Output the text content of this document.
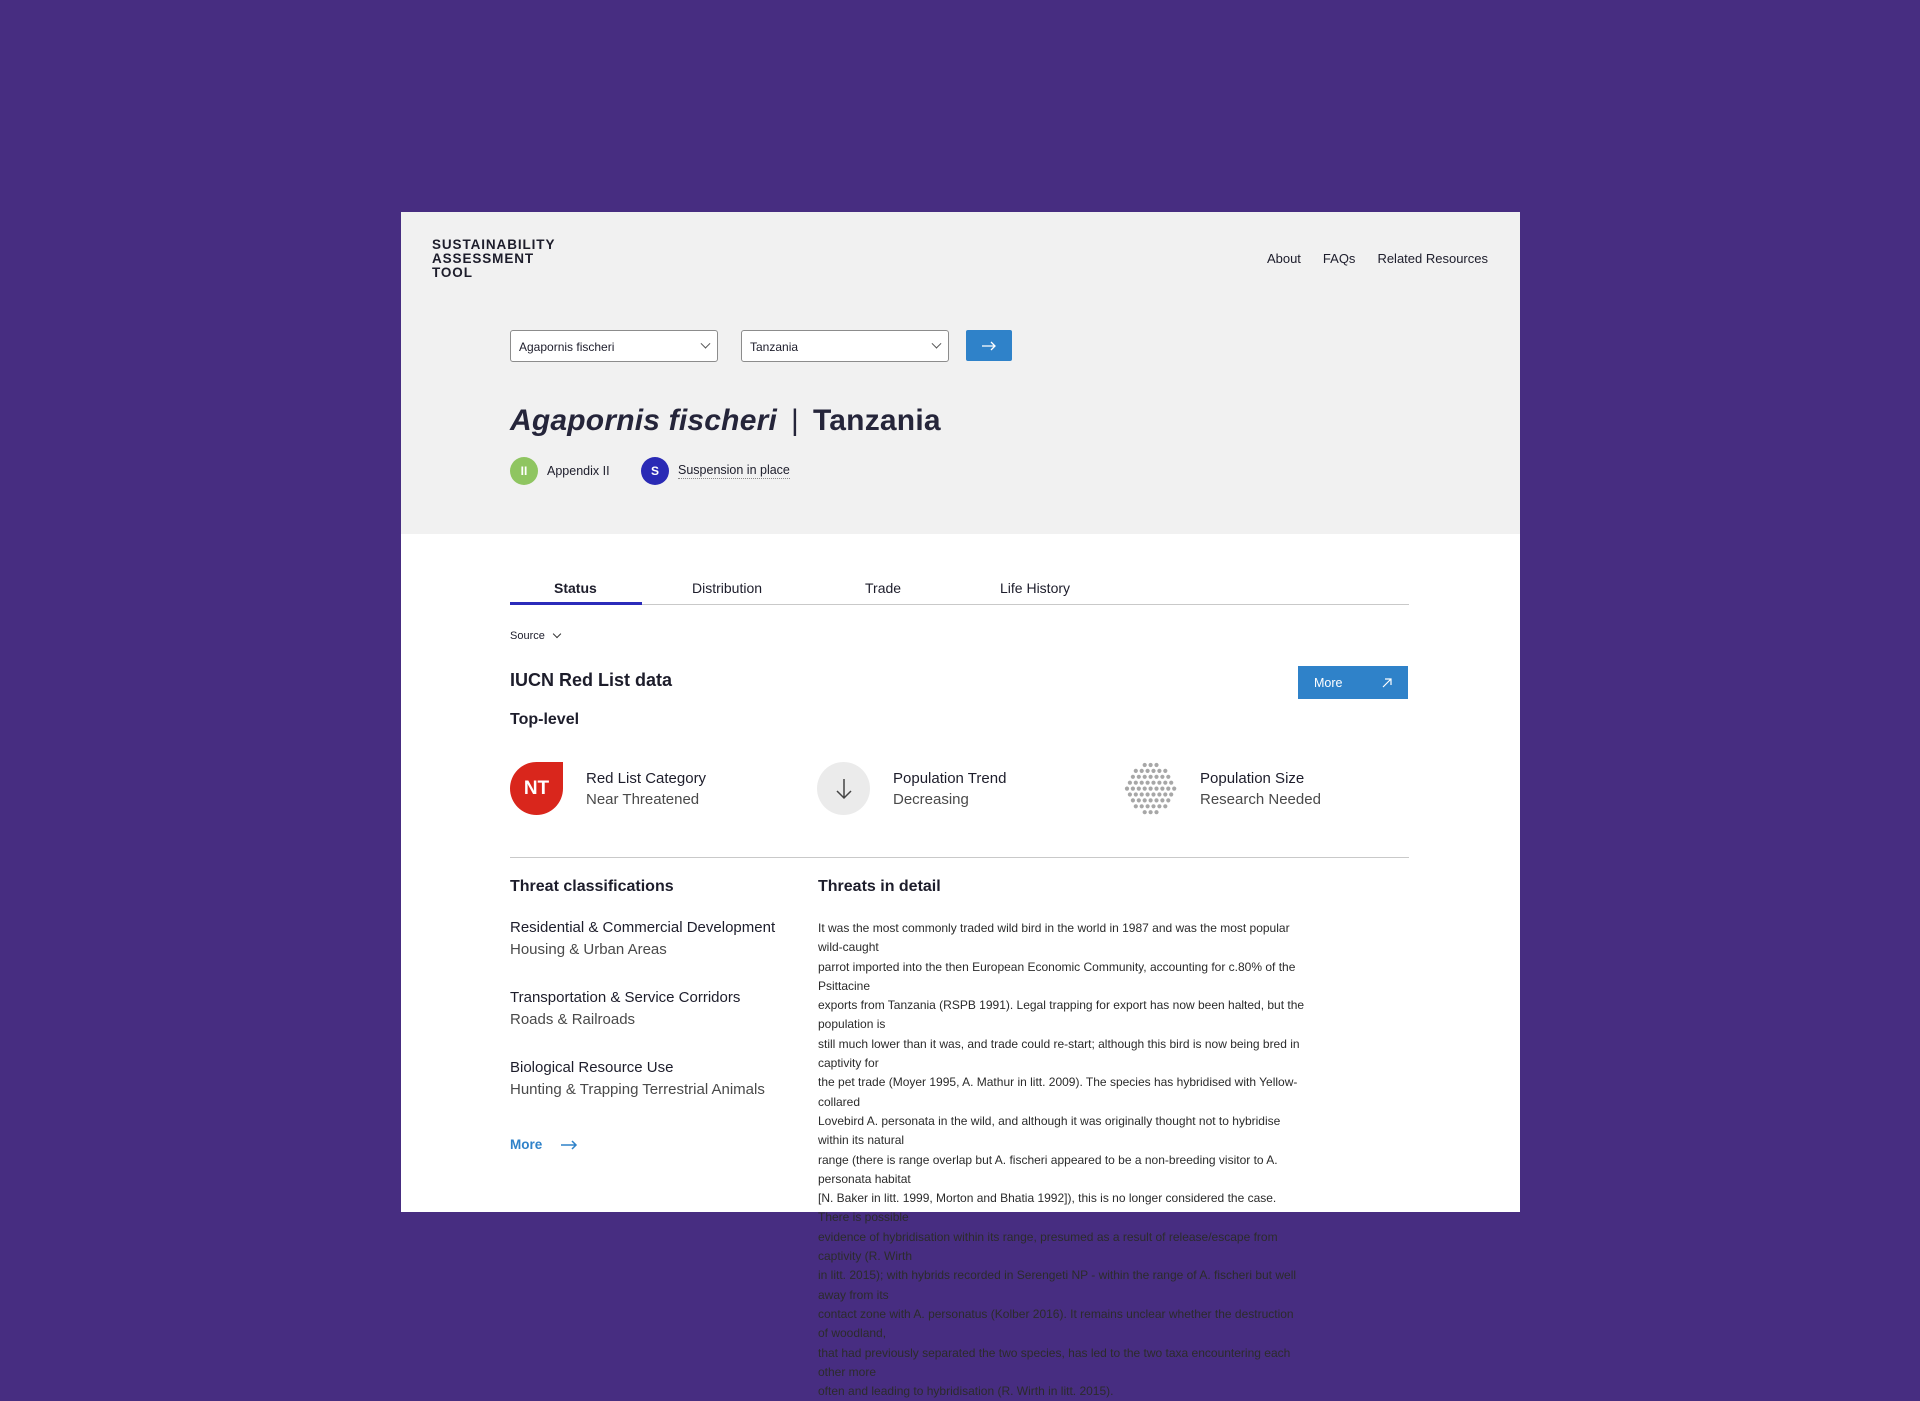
SUSTAINABILITY
ASSESSMENT
TOOL
About FAQs Related Resources
Agapornis fischeri	Tanzania
Agapornis fischeri | Tanzania
II	Appendix II	S	Suspension in place
Status	Distribution	Trade	Life History
Source
IUCN Red List data	More
Top-level
NT	Red List Category
Near Threatened
Population Trend
Decreasing
Population Size
Research Needed
Threat classifications
Residential & Commercial Development
Housing & Urban Areas
Transportation & Service Corridors
Roads & Railroads
Biological Resource Use
Hunting & Trapping Terrestrial Animals
More
Threats in detail
It was the most commonly traded wild bird in the world in 1987 and was the most popular wild-caught
parrot imported into the then European Economic Community, accounting for c.80% of the Psittacine
exports from Tanzania (RSPB 1991). Legal trapping for export has now been halted, but the population is
still much lower than it was, and trade could re-start; although this bird is now being bred in captivity for
the pet trade (Moyer 1995, A. Mathur in litt. 2009). The species has hybridised with Yellow-collared
Lovebird A. personata in the wild, and although it was originally thought not to hybridise within its natural
range (there is range overlap but A. fischeri appeared to be a non-breeding visitor to A. personata habitat
[N. Baker in litt. 1999, Morton and Bhatia 1992]), this is no longer considered the case. There is possible
evidence of hybridisation within its range, presumed as a result of release/escape from captivity (R. Wirth
in litt. 2015); with hybrids recorded in Serengeti NP - within the range of A. fischeri but well away from its
contact zone with A. personatus (Kolber 2016). It remains unclear whether the destruction of woodland,
that had previously separated the two species, has led to the two taxa encountering each other more
often and leading to hybridisation (R. Wirth in litt. 2015).
